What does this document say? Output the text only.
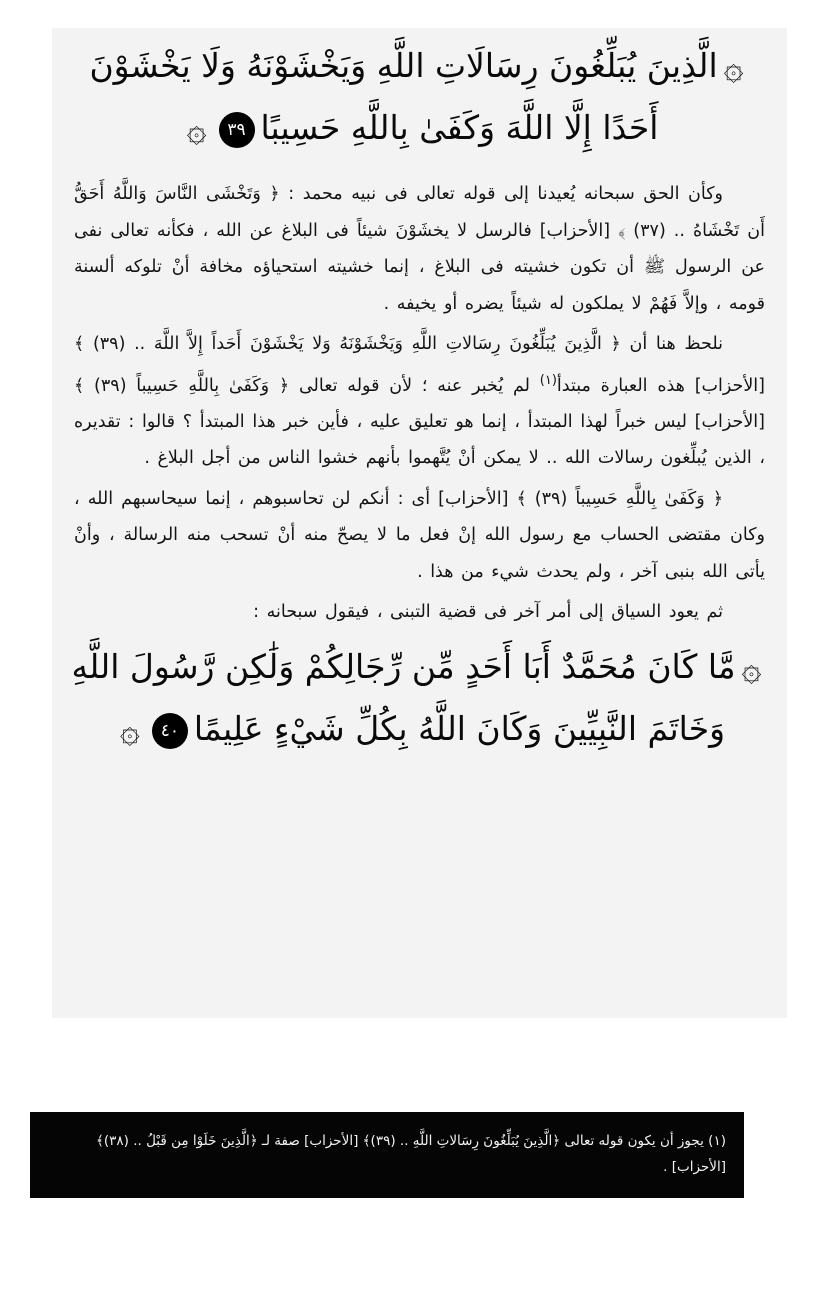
۞الَّذِينَ يُبَلِّغُونَ رِسَالَاتِ اللَّهِ وَيَخْشَوْنَهُ وَلَا يَخْشَوْنَ
أَحَدًا إِلَّا اللَّهَ وَكَفَىٰ بِاللَّهِ حَسِيبًا٣٩۞

وكأن الحق سبحانه يُعيدنا إلى قوله تعالى فى نبيه محمد : ﴿ وَتَخْشَى النَّاسَ وَاللَّهُ أَحَقُّ أَن تَخْشَاهُ .. (٣٧) ﴾ [الأحزاب] فالرسل لا يخشَوْنَ شيئاً فى البلاغ عن الله ، فكأنه تعالى نفى عن الرسول ﷺ أن تكون خشيته فى البلاغ ، إنما خشيته استحياؤه مخافة أنْ تلوكه ألسنة قومه ، وإلاَّ فَهُمْ لا يملكون له شيئاً يضره أو يخيفه .

نلحظ هنا أن ﴿ الَّذِينَ يُبَلِّغُونَ رِسَالاتِ اللَّهِ وَيَخْشَوْنَهُ وَلا يَخْشَوْنَ أَحَداً إِلاَّ اللَّهَ .. (٣٩) ﴾ [الأحزاب] هذه العبارة مبتدأ$^{(١)}$ لم يُخبر عنه ؛ لأن قوله تعالى ﴿ وَكَفَىٰ بِاللَّهِ حَسِيباً (٣٩) ﴾ [الأحزاب] ليس خبراً لهذا المبتدأ ، إنما هو تعليق عليه ، فأين خبر هذا المبتدأ ؟ قالوا : تقديره ، الذين يُبلِّغون رسالات الله .. لا يمكن أنْ يُتَّهموا بأنهم خشوا الناس من أجل البلاغ .

﴿ وَكَفَىٰ بِاللَّهِ حَسِيباً (٣٩) ﴾ [الأحزاب] أى : أنكم لن تحاسبوهم ، إنما سيحاسبهم الله ، وكان مقتضى الحساب مع رسول الله إنْ فعل ما لا يصحّ منه أنْ تسحب منه الرسالة ، وأنْ يأتى الله بنبى آخر ، ولم يحدث شيء من هذا .

ثم يعود السياق إلى أمر آخر فى قضية التبنى ، فيقول سبحانه :

۞مَّا كَانَ مُحَمَّدٌ أَبَا أَحَدٍ مِّن رِّجَالِكُمْ وَلَٰكِن رَّسُولَ اللَّهِ
وَخَاتَمَ النَّبِيِّينَ وَكَانَ اللَّهُ بِكُلِّ شَيْءٍ عَلِيمًا٤٠۞
(١) يجوز أن يكون قوله تعالى ﴿الَّذِينَ يُبَلِّغُونَ رِسَالاتِ اللَّهِ .. (٣٩)﴾ [الأحزاب] صفة لـ ﴿الَّذِينَ خَلَوْا مِن قَبْلُ .. (٣٨)﴾ [الأحزاب] .
